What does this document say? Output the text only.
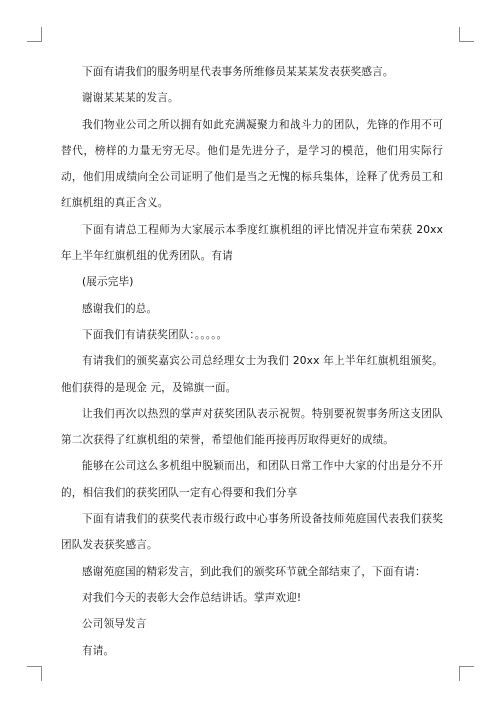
下面有请我们的服务明星代表事务所维修员某某某发表获奖感言。

谢谢某某某的发言。

我们物业公司之所以拥有如此充满凝聚力和战斗力的团队，先锋的作用不可替代，榜样的力量无穷无尽。他们是先进分子，是学习的模范，他们用实际行动，他们用成绩向全公司证明了他们是当之无愧的标兵集体，诠释了优秀员工和红旗机组的真正含义。

下面有请总工程师为大家展示本季度红旗机组的评比情况并宣布荣获 20xx 年上半年红旗机组的优秀团队。有请

(展示完毕)

感谢我们的总。

下面我们有请获奖团队：。。。。。

有请我们的颁奖嘉宾公司总经理女士为我们 20xx 年上半年红旗机组颁奖。他们获得的是现金 元，及锦旗一面。

让我们再次以热烈的掌声对获奖团队表示祝贺。特别要祝贺事务所这支团队第二次获得了红旗机组的荣誉，希望他们能再接再厉取得更好的成绩。

能够在公司这么多机组中脱颖而出，和团队日常工作中大家的付出是分不开的，相信我们的获奖团队一定有心得要和我们分享

下面有请我们的获奖代表市级行政中心事务所设备技师苑庭国代表我们获奖团队发表获奖感言。

感谢苑庭国的精彩发言，到此我们的颁奖环节就全部结束了，下面有请：

对我们今天的表彰大会作总结讲话。掌声欢迎!

公司领导发言

有请。
